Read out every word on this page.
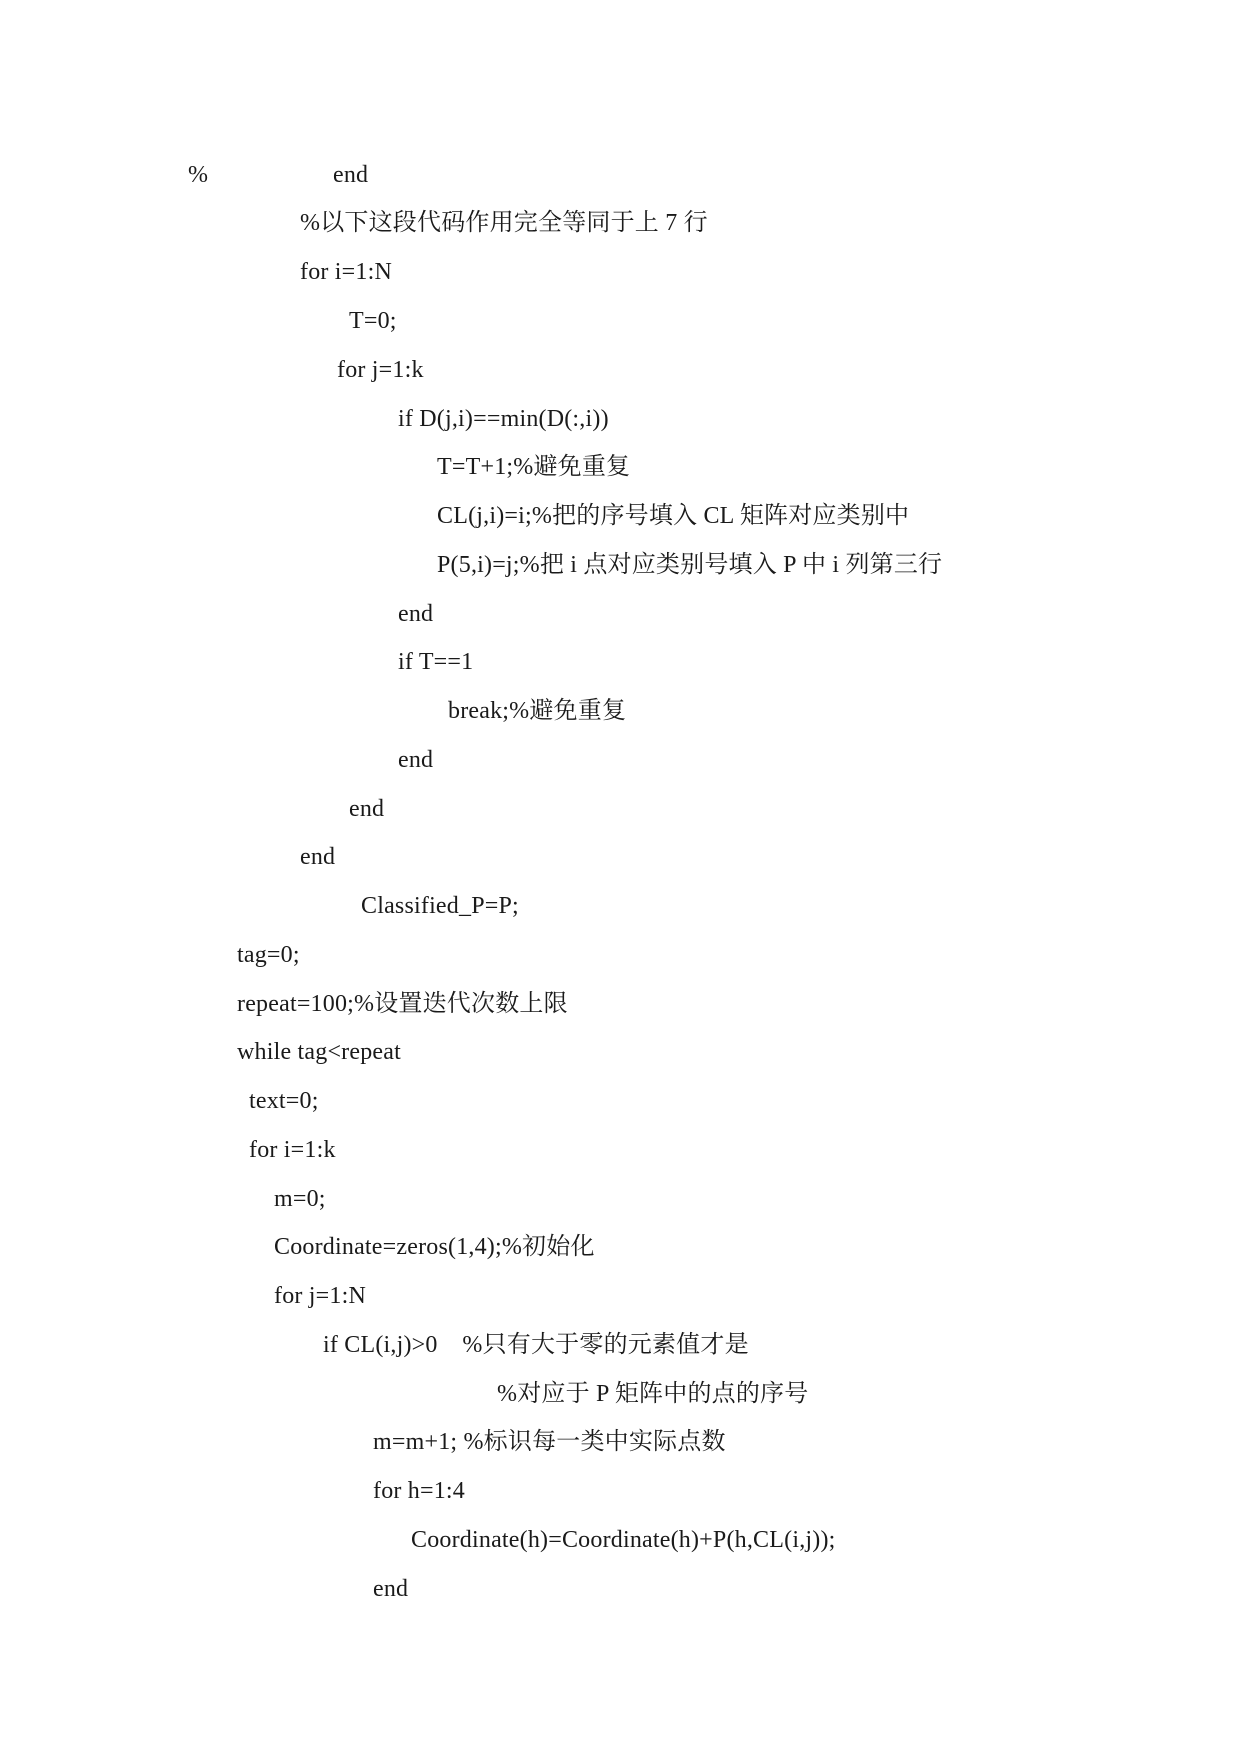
%	end
%以下这段代码作用完全等同于上 7 行
for i=1:N
T=0;
for j=1:k
if D(j,i)==min(D(:,i))
T=T+1;%避免重复
CL(j,i)=i;%把的序号填入 CL 矩阵对应类别中
P(5,i)=j;%把 i 点对应类别号填入 P 中 i 列第三行
end
if T==1
break;%避免重复
end
end
end
Classified_P=P;
tag=0;
repeat=100;%设置迭代次数上限
while tag<repeat
text=0;
for i=1:k
m=0;
Coordinate=zeros(1,4);%初始化
for j=1:N
if CL(i,j)>0    %只有大于零的元素值才是
%对应于 P 矩阵中的点的序号
m=m+1; %标识每一类中实际点数
for h=1:4
Coordinate(h)=Coordinate(h)+P(h,CL(i,j));
end
